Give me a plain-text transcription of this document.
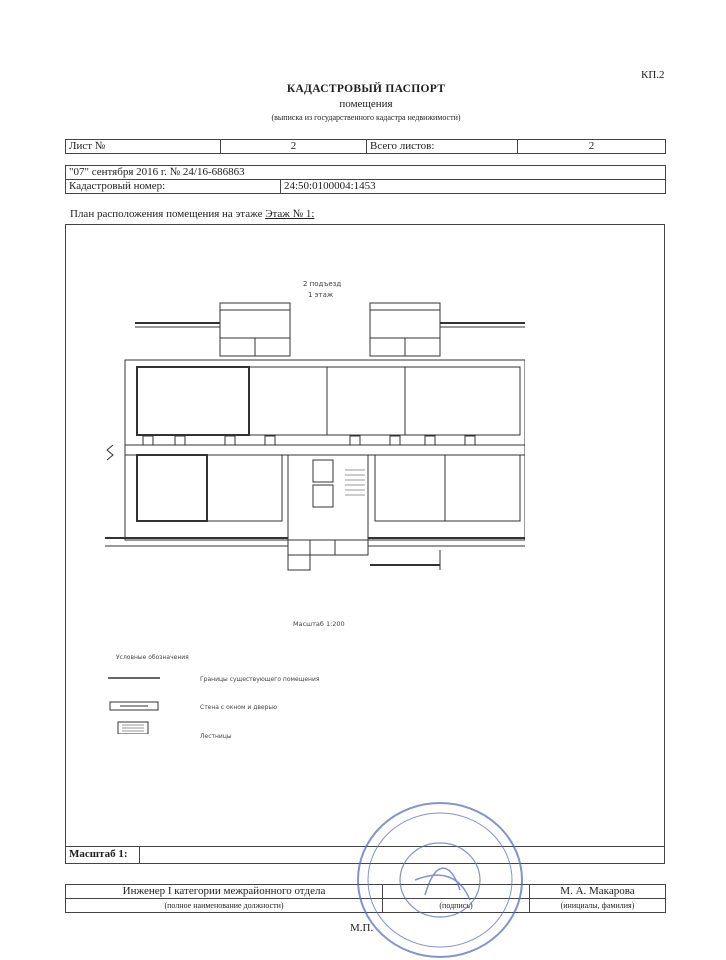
КП.2
КАДАСТРОВЫЙ ПАСПОРТ
помещения
(выписка из государственного кадастра недвижимости)
Лист №	2	Всего листов:	2
"07" сентября 2016 г. № 24/16-686863
Кадастровый номер:	24:50:0100004:1453
План расположения помещения на этаже Этаж № 1:
2 подъезд
1 этаж
Масштаб 1:200
Условные обозначения
Границы существующего помещения
Стена с окном и дверью
Лестницы
Масштаб 1:
Инженер I категории межрайонного отдела		М. А. Макарова
(полное наименование должности)	(подпись)	(инициалы, фамилия)
М.П.
